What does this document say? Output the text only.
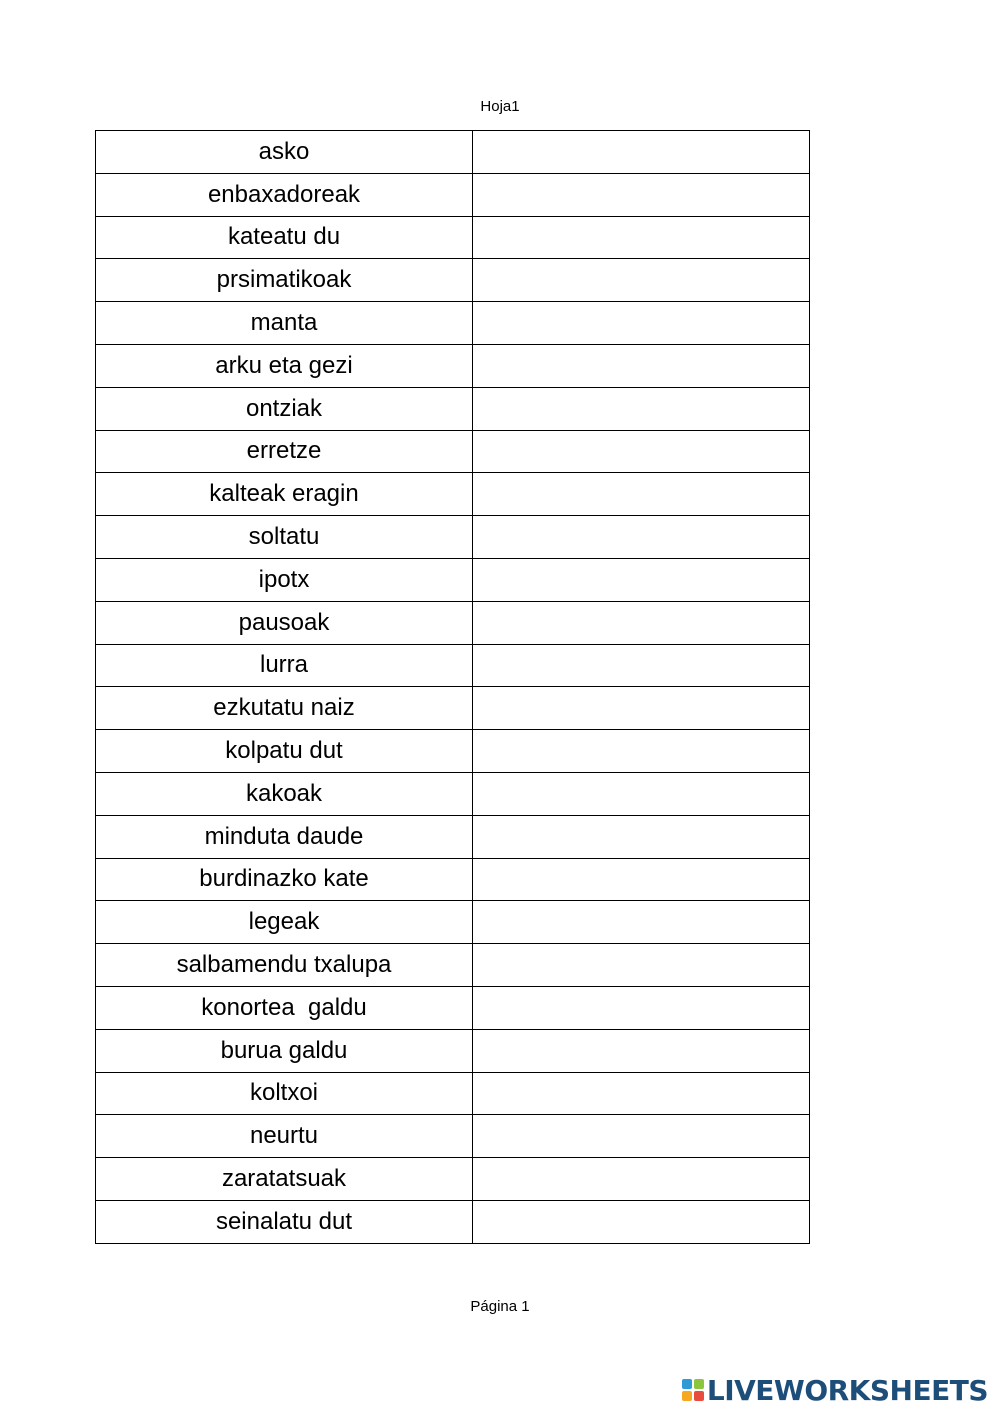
Hoja1
asko	
enbaxadoreak	
kateatu du	
prsimatikoak	
manta	
arku eta gezi	
ontziak	
erretze	
kalteak eragin	
soltatu	
ipotx	
pausoak	
lurra	
ezkutatu naiz	
kolpatu dut	
kakoak	
minduta daude	
burdinazko kate	
legeak	
salbamendu txalupa	
konortea  galdu	
burua galdu	
koltxoi	
neurtu	
zaratatsuak	
seinalatu dut	
Página 1
LIVEWORKSHEETS
